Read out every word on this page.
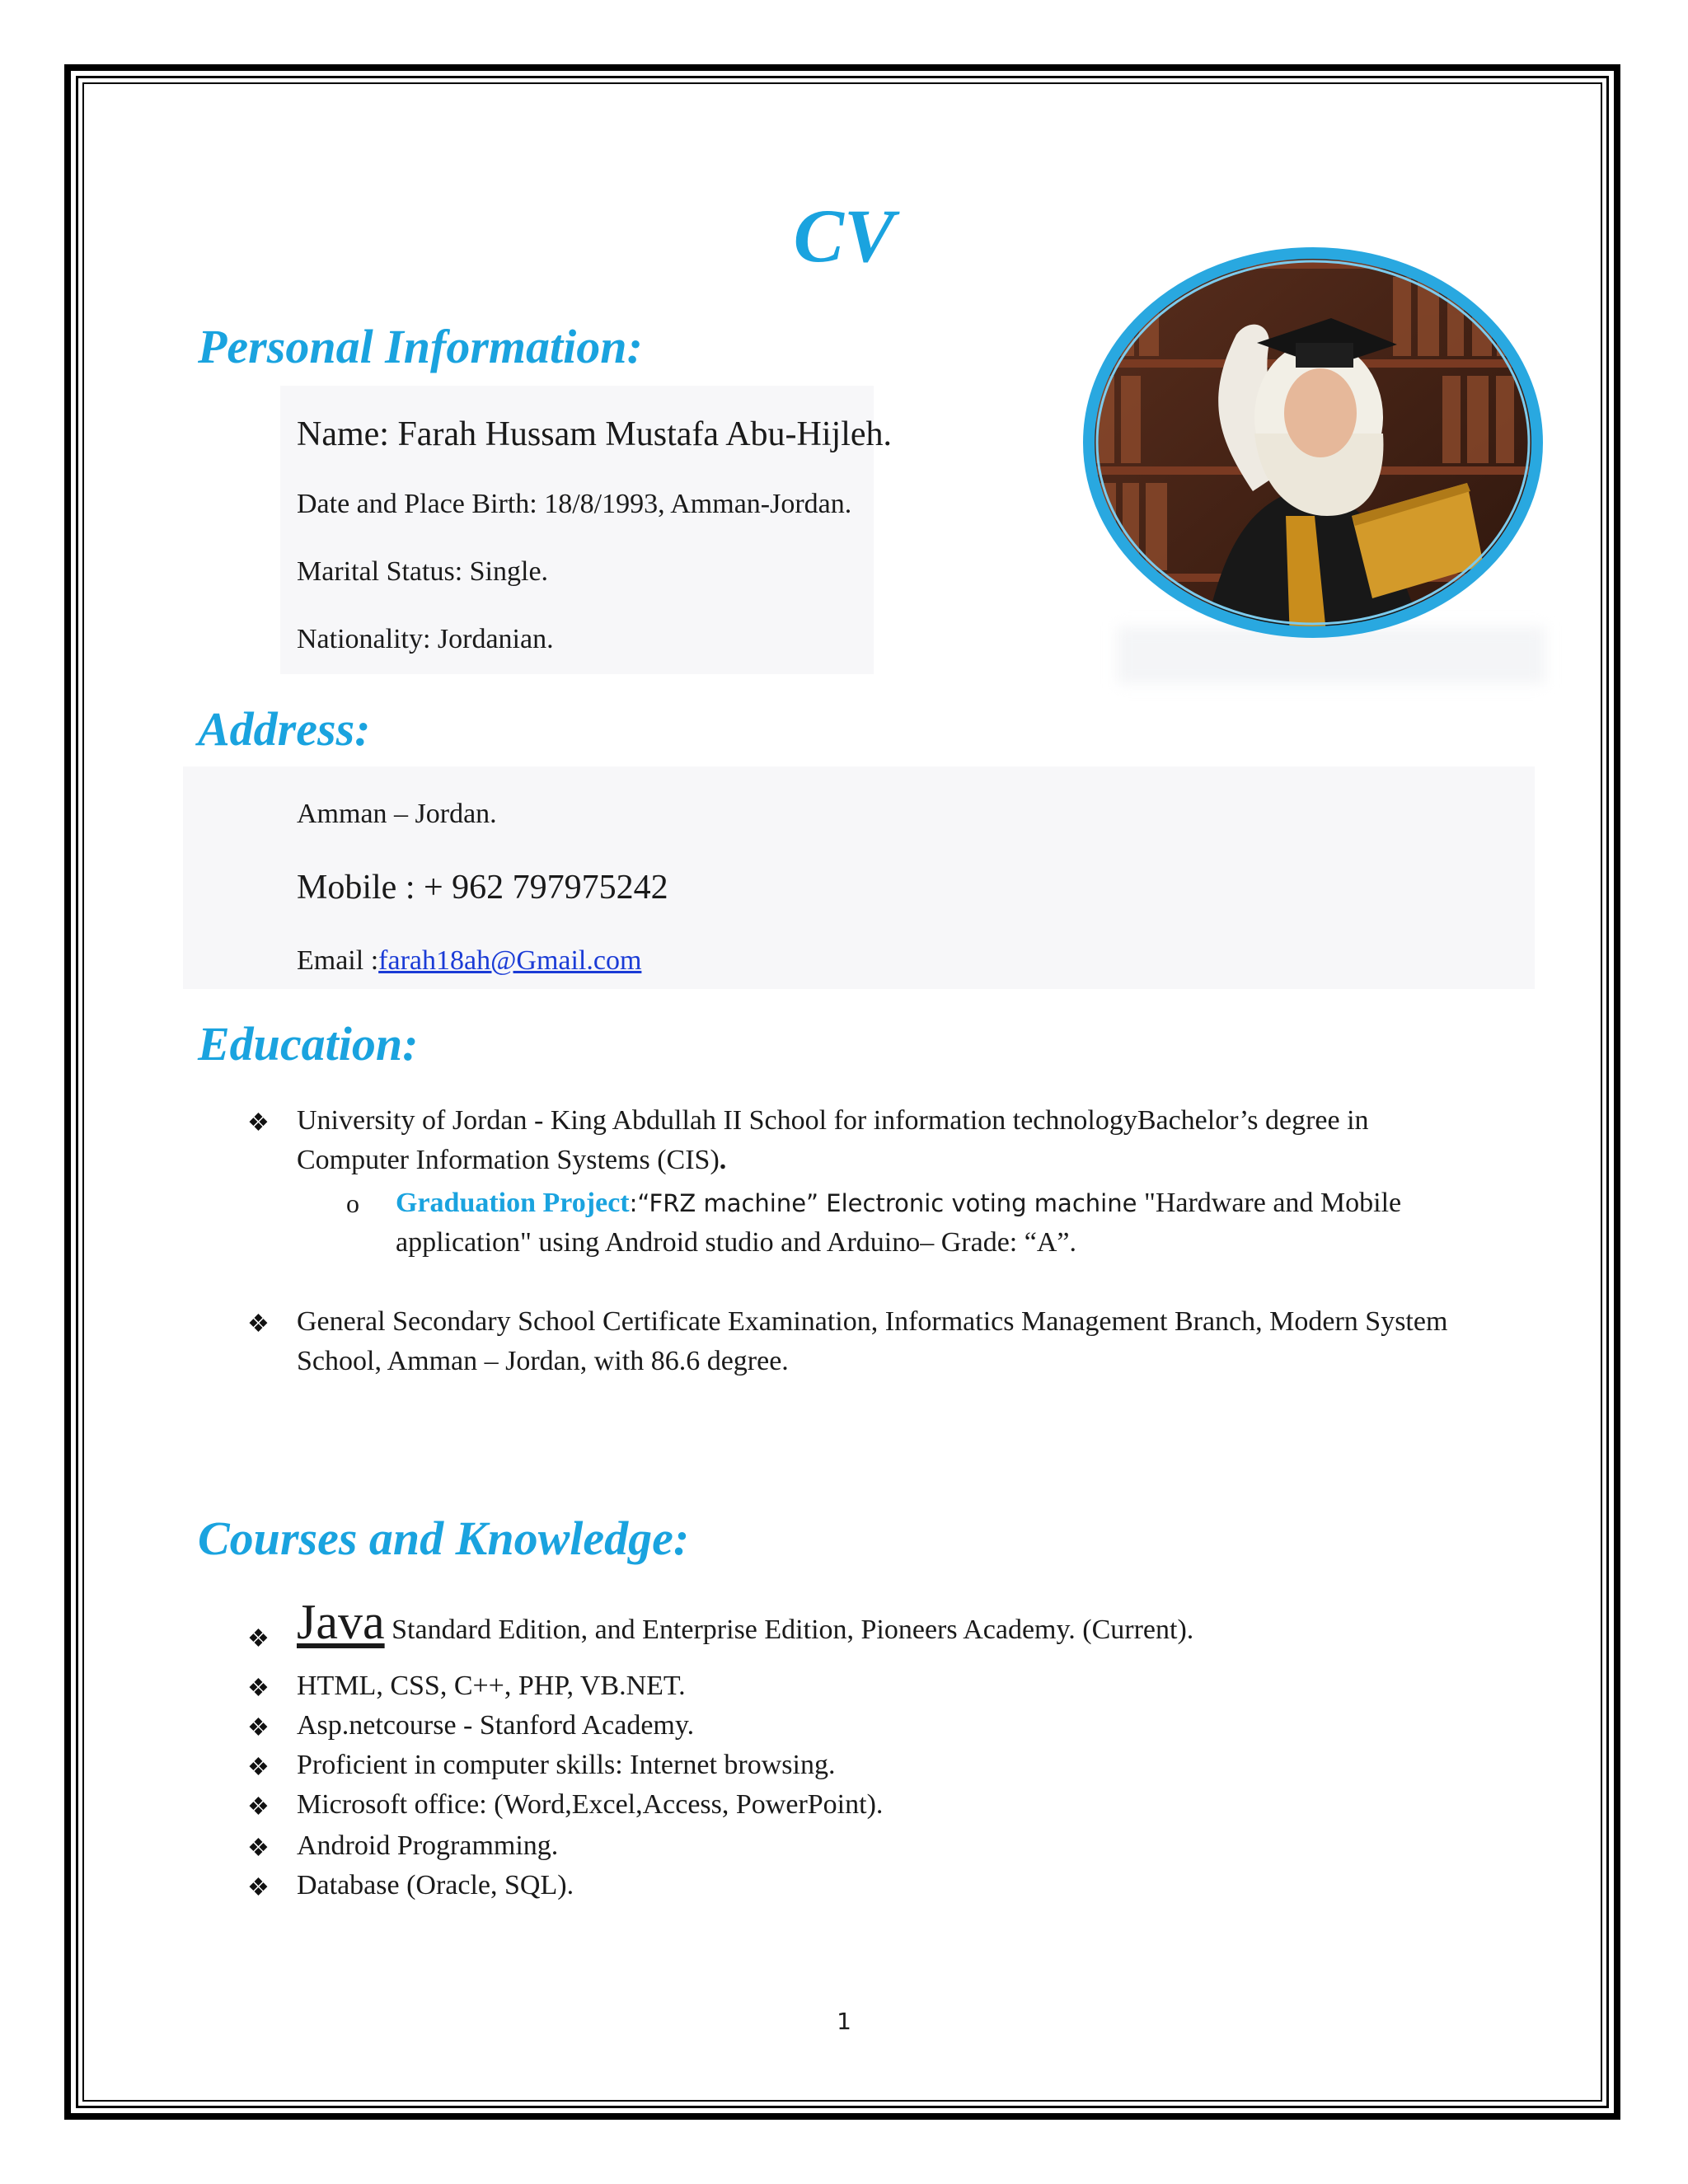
CV
Personal Information:
Name: Farah Hussam Mustafa Abu-Hijleh.
Date and Place Birth: 18/8/1993, Amman-Jordan.
Marital Status: Single.
Nationality: Jordanian.
Address:
Amman – Jordan.
Mobile : + 962 797975242
Email :farah18ah@Gmail.com
Education:
❖ University of Jordan - King Abdullah II School for information technologyBachelor’s degree in Computer Information Systems (CIS).
o Graduation Project:“FRZ machine” Electronic voting machine "Hardware and Mobile application" using Android studio and Arduino– Grade: “A”.
❖ General Secondary School Certificate Examination, Informatics Management Branch, Modern System School, Amman – Jordan, with 86.6 degree.
Courses and Knowledge:
❖ Java Standard Edition, and Enterprise Edition, Pioneers Academy. (Current).
❖ HTML, CSS, C++, PHP, VB.NET.
❖ Asp.netcourse - Stanford Academy.
❖ Proficient in computer skills: Internet browsing.
❖ Microsoft office: (Word,Excel,Access, PowerPoint).
❖ Android Programming.
❖ Database (Oracle, SQL).
1
